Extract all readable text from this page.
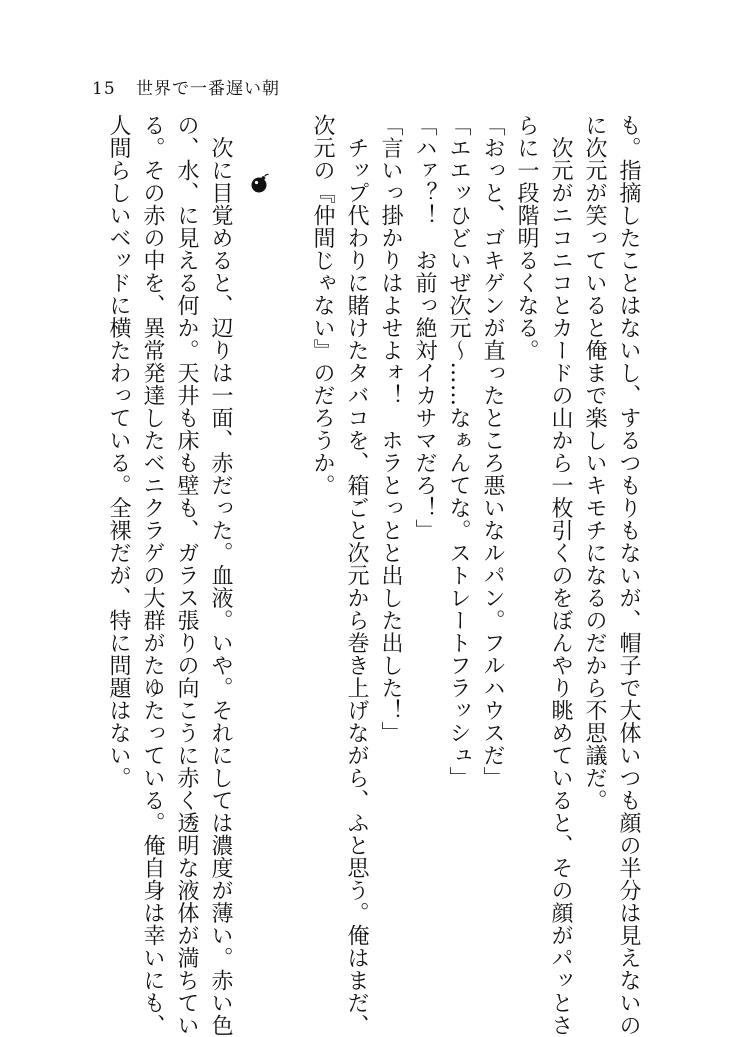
15 世界で一番遅い朝
も。指摘したことはないし、するつもりもないが、帽子で大体いつも顔の半分は見えないの
に次元が笑っていると俺まで楽しいキモチになるのだから不思議だ。
　次元がニコニコとカードの山から一枚引くのをぼんやり眺めていると、その顔がパッとさ
らに一段階明るくなる。
「おっと、ゴキゲンが直ったところ悪いなルパン。フルハウスだ」
「エエッひどいぜ次元〜……なぁんてな。ストレートフラッシュ」
「ハァ？！　お前っ絶対イカサマだろ！」
「言いっ掛かりはよせよォ！　ホラとっとと出した出した！」
　チップ代わりに賭けたタバコを、箱ごと次元から巻き上げながら、ふと思う。俺はまだ、
次元の『仲間じゃない』のだろうか。

　次に目覚めると、辺りは一面、赤だった。血液。いや。それにしては濃度が薄い。赤い色
の、水、に見える何か。天井も床も壁も、ガラス張りの向こうに赤く透明な液体が満ちてい
る。その赤の中を、異常発達したベニクラゲの大群がたゆたっている。俺自身は幸いにも、
人間らしいベッドに横たわっている。全裸だが、特に問題はない。
